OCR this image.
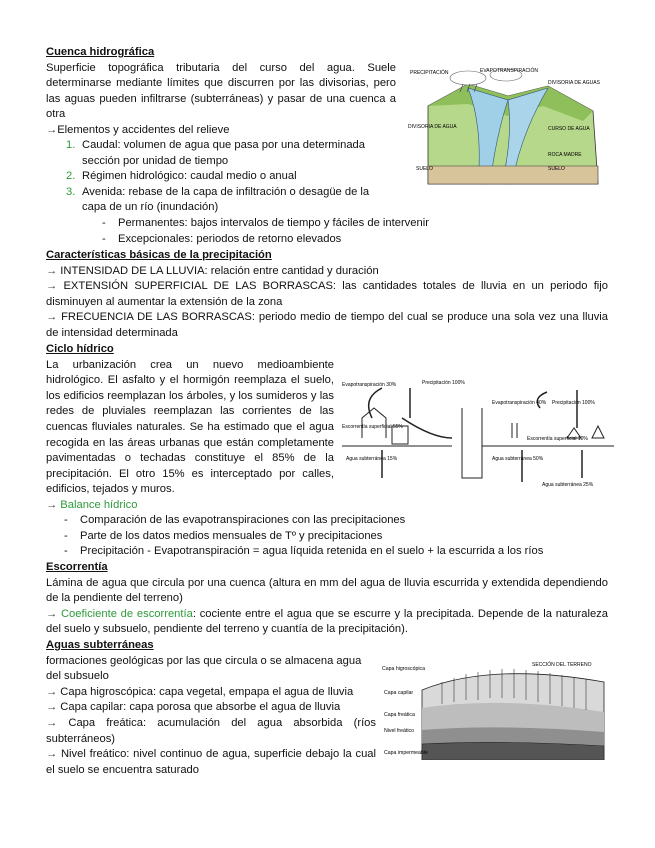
Cuenca hidrográfica
Superficie topográfica tributaria del curso del agua. Suele determinarse mediante límites que discurren por las divisorias, pero las aguas pueden infiltrarse (subterráneas) y pasar de una cuenca a otra
→Elementos y accidentes del relieve
1. Caudal: volumen de agua que pasa por una determinada sección por unidad de tiempo
2. Régimen hidrológico: caudal medio o anual
3. Avenida: rebase de la capa de infiltración o desagüe de la capa de un río (inundación)
- Permanentes: bajos intervalos de tiempo y fáciles de intervenir
- Excepcionales: periodos de retorno elevados
PRECIPITACIÓN	EVAPOTRANSPIRACIÓN
DIVISORIA DE AGUAS
DIVISORIA DE AGUA	CURSO DE AGUA
ROCA MADRE
SUELO	SUELO
Características básicas de la precipitación
→ INTENSIDAD DE LA LLUVIA: relación entre cantidad y duración
→ EXTENSIÓN SUPERFICIAL DE LAS BORRASCAS: las cantidades totales de lluvia en un periodo fijo disminuyen al aumentar la extensión de la zona
→ FRECUENCIA DE LAS BORRASCAS: periodo medio de tiempo del cual se produce una sola vez una lluvia de intensidad determinada
Ciclo hídrico
La urbanización crea un nuevo medioambiente hidrológico. El asfalto y el hormigón reemplaza el suelo, los edificios reemplazan los árboles, y los sumideros y las redes de pluviales reemplazan las corrientes de las cuencas fluviales naturales. Se ha estimado que el agua recogida en las áreas urbanas que están completamente pavimentadas o techadas constituye el 85% de la precipitación. El otro 15% es interceptado por calles, edificios, tejados y muros.
→ Balance hídrico
- Comparación de las evapotranspiraciones con las precipitaciones
- Parte de los datos medios mensuales de Tº y precipitaciones
- Precipitación - Evapotranspiración = agua líquida retenida en el suelo + la escurrida a los ríos
Evapotranspiración 30%	Precipitación 100%
Escorrentía superficial 55%
Agua subterránea 15%
Evapotranspiración 40% Precipitación 100%
Escorrentía superficial 10%
Agua subterránea 50%
Agua subterránea 25%
Escorrentía
Lámina de agua que circula por una cuenca (altura en mm del agua de lluvia escurrida y extendida dependiendo de la pendiente del terreno)
→ Coeficiente de escorrentía: cociente entre el agua que se escurre y la precipitada. Depende de la naturaleza del suelo y subsuelo, pendiente del terreno y cuantía de la precipitación).
Aguas subterráneas
formaciones geológicas por las que circula o se almacena agua del subsuelo
→ Capa higroscópica: capa vegetal, empapa el agua de lluvia
→ Capa capilar: capa porosa que absorbe el agua de lluvia
→ Capa freática: acumulación del agua absorbida (ríos subterráneos)
→ Nivel freático: nivel continuo de agua, superficie debajo la cual el suelo se encuentra saturado
Capa higroscópica
Capa capilar
Capa freática
Nivel freático
Capa impermeable
SECCIÓN DEL TERRENO
